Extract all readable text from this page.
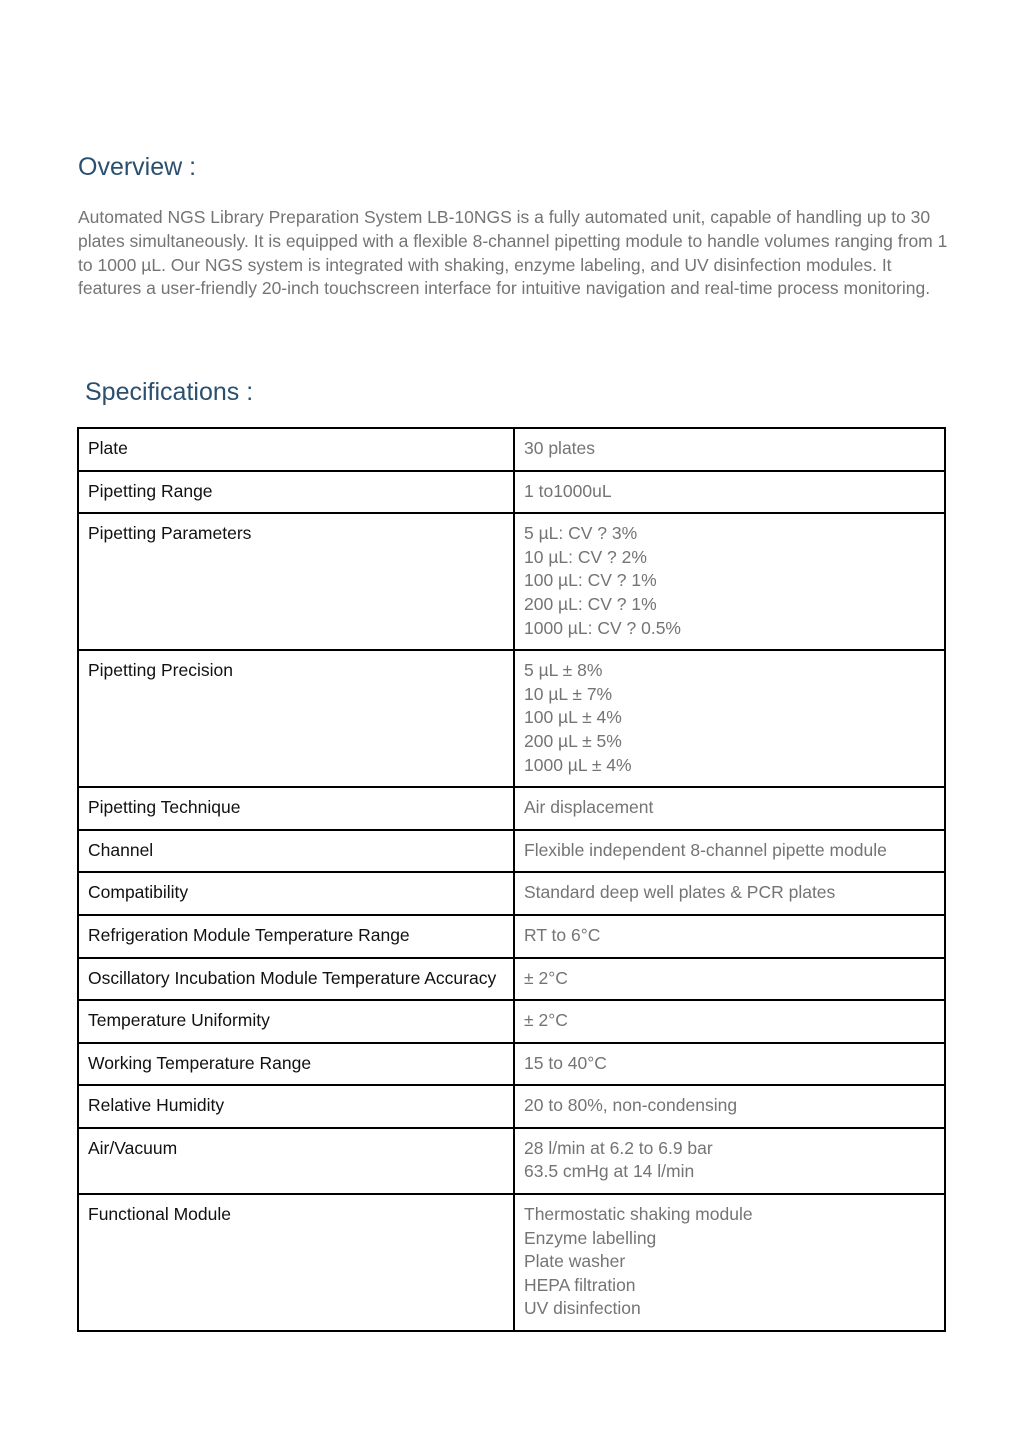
Overview :

Automated NGS Library Preparation System LB-10NGS is a fully automated unit, capable of handling up to 30 plates simultaneously. It is equipped with a flexible 8-channel pipetting module to handle volumes ranging from 1 to 1000 µL. Our NGS system is integrated with shaking, enzyme labeling, and UV disinfection modules. It features a user-friendly 20-inch touchscreen interface for intuitive navigation and real-time process monitoring.

Specifications :
Plate	30 plates

Pipetting Range	1 to1000uL

Pipetting Parameters	5 µL: CV ? 3%
10 µL: CV ? 2%
100 µL: CV ? 1%
200 µL: CV ? 1%
1000 µL: CV ? 0.5%

Pipetting Precision	5 µL ± 8%
10 µL ± 7%
100 µL ± 4%
200 µL ± 5%
1000 µL ± 4%

Pipetting Technique	Air displacement

Channel	Flexible independent 8-channel pipette module

Compatibility	Standard deep well plates & PCR plates

Refrigeration Module Temperature Range	RT to 6°C

Oscillatory Incubation Module Temperature Accuracy	± 2°C

Temperature Uniformity	± 2°C

Working Temperature Range	15 to 40°C

Relative Humidity	20 to 80%, non-condensing

Air/Vacuum	28 l/min at 6.2 to 6.9 bar
63.5 cmHg at 14 l/min

Functional Module	Thermostatic shaking module
Enzyme labelling
Plate washer
HEPA filtration
UV disinfection
